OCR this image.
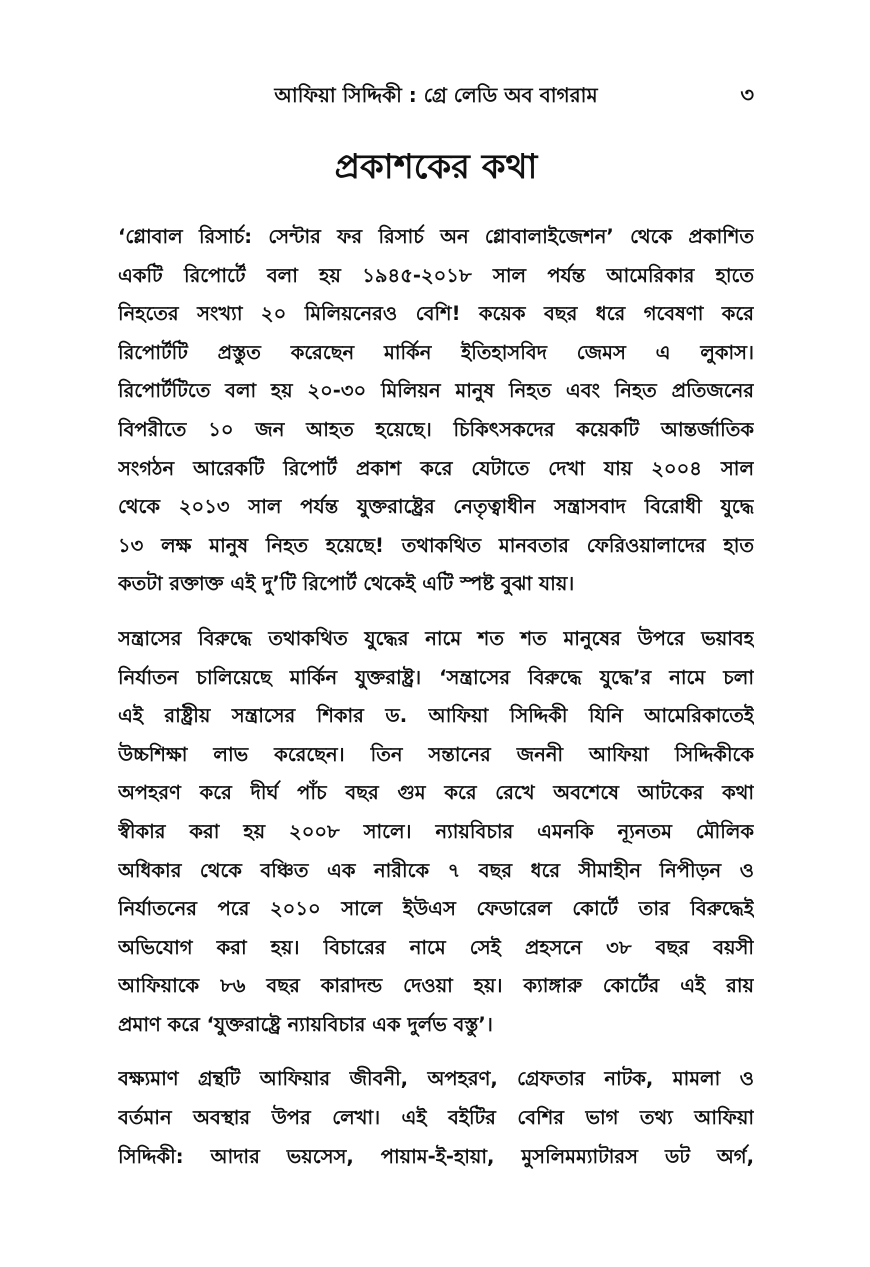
আফিয়া সিদ্দিকী : গ্রে লেডি অব বাগরাম	৩
প্রকাশকের কথা

‘গ্লোবাল রিসার্চ: সেন্টার ফর রিসার্চ অন গ্লোবালাইজেশন’ থেকে প্রকাশিত
একটি রিপোর্টে বলা হয় ১৯৪৫-২০১৮ সাল পর্যন্ত আমেরিকার হাতে
নিহতের সংখ্যা ২০ মিলিয়নেরও বেশি! কয়েক বছর ধরে গবেষণা করে
রিপোর্টটি প্রস্তুত করেছেন মার্কিন ইতিহাসবিদ জেমস এ লুকাস।
রিপোর্টটিতে বলা হয় ২০-৩০ মিলিয়ন মানুষ নিহত এবং নিহত প্রতিজনের
বিপরীতে ১০ জন আহত হয়েছে। চিকিৎসকদের কয়েকটি আন্তর্জাতিক
সংগঠন আরেকটি রিপোর্ট প্রকাশ করে যেটাতে দেখা যায় ২০০৪ সাল
থেকে ২০১৩ সাল পর্যন্ত যুক্তরাষ্ট্রের নেতৃত্বাধীন সন্ত্রাসবাদ বিরোধী যুদ্ধে
১৩ লক্ষ মানুষ নিহত হয়েছে! তথাকথিত মানবতার ফেরিওয়ালাদের হাত
কতটা রক্তাক্ত এই দু’টি রিপোর্ট থেকেই এটি স্পষ্ট বুঝা যায়।

সন্ত্রাসের বিরুদ্ধে তথাকথিত যুদ্ধের নামে শত শত মানুষের উপরে ভয়াবহ
নির্যাতন চালিয়েছে মার্কিন যুক্তরাষ্ট্র। ‘সন্ত্রাসের বিরুদ্ধে যুদ্ধে’র নামে চলা
এই রাষ্ট্রীয় সন্ত্রাসের শিকার ড. আফিয়া সিদ্দিকী যিনি আমেরিকাতেই
উচ্চশিক্ষা লাভ করেছেন। তিন সন্তানের জননী আফিয়া সিদ্দিকীকে
অপহরণ করে দীর্ঘ পাঁচ বছর গুম করে রেখে অবশেষে আটকের কথা
স্বীকার করা হয় ২০০৮ সালে। ন্যায়বিচার এমনকি ন্যূনতম মৌলিক
অধিকার থেকে বঞ্চিত এক নারীকে ৭ বছর ধরে সীমাহীন নিপীড়ন ও
নির্যাতনের পরে ২০১০ সালে ইউএস ফেডারেল কোর্টে তার বিরুদ্ধেই
অভিযোগ করা হয়। বিচারের নামে সেই প্রহসনে ৩৮ বছর বয়সী
আফিয়াকে ৮৬ বছর কারাদন্ড দেওয়া হয়। ক্যাঙ্গারু কোর্টের এই রায়
প্রমাণ করে ‘যুক্তরাষ্ট্রে ন্যায়বিচার এক দুর্লভ বস্তু’।

বক্ষ্যমাণ গ্রন্থটি আফিয়ার জীবনী, অপহরণ, গ্রেফতার নাটক, মামলা ও
বর্তমান অবস্থার উপর লেখা। এই বইটির বেশির ভাগ তথ্য আফিয়া
সিদ্দিকী: আদার ভয়সেস, পায়াম-ই-হায়া, মুসলিমম্যাটারস ডট অর্গ,
